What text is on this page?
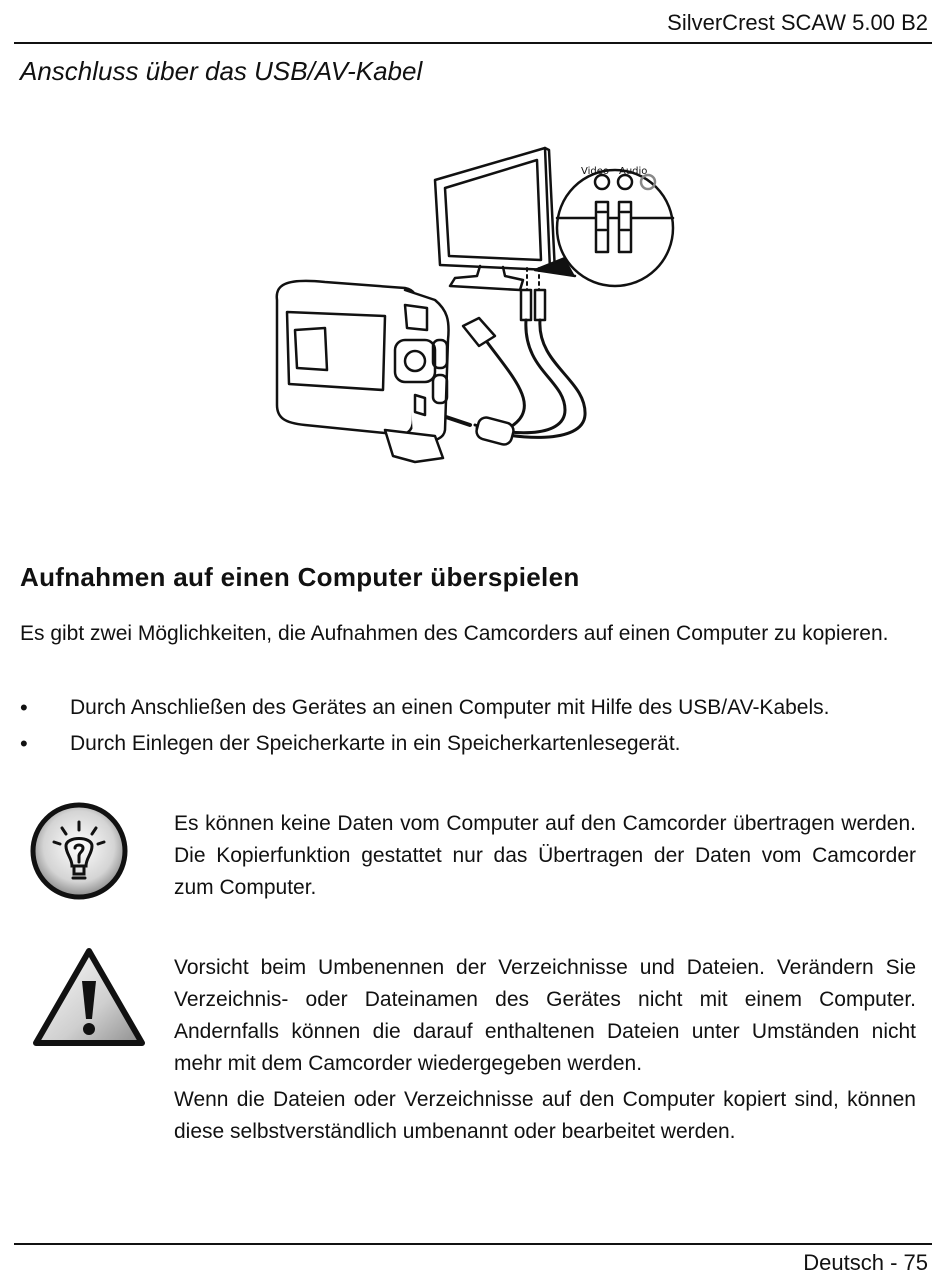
SilverCrest SCAW 5.00 B2
Anschluss über das USB/AV-Kabel
Video Audio
Aufnahmen auf einen Computer überspielen
Es gibt zwei Möglichkeiten, die Aufnahmen des Camcorders auf einen Computer zu kopieren.
• Durch Anschließen des Gerätes an einen Computer mit Hilfe des USB/AV-Kabels.
• Durch Einlegen der Speicherkarte in ein Speicherkartenlesegerät.
Es können keine Daten vom Computer auf den Camcorder übertragen werden. Die Kopierfunktion gestattet nur das Übertragen der Daten vom Camcorder zum Computer.
Vorsicht beim Umbenennen der Verzeichnisse und Dateien. Verändern Sie Verzeichnis- oder Dateinamen des Gerätes nicht mit einem Computer. Andernfalls können die darauf enthaltenen Dateien unter Umständen nicht mehr mit dem Camcorder wiedergegeben werden.
Wenn die Dateien oder Verzeichnisse auf den Computer kopiert sind, können diese selbstverständlich umbenannt oder bearbeitet werden.
Deutsch - 75
